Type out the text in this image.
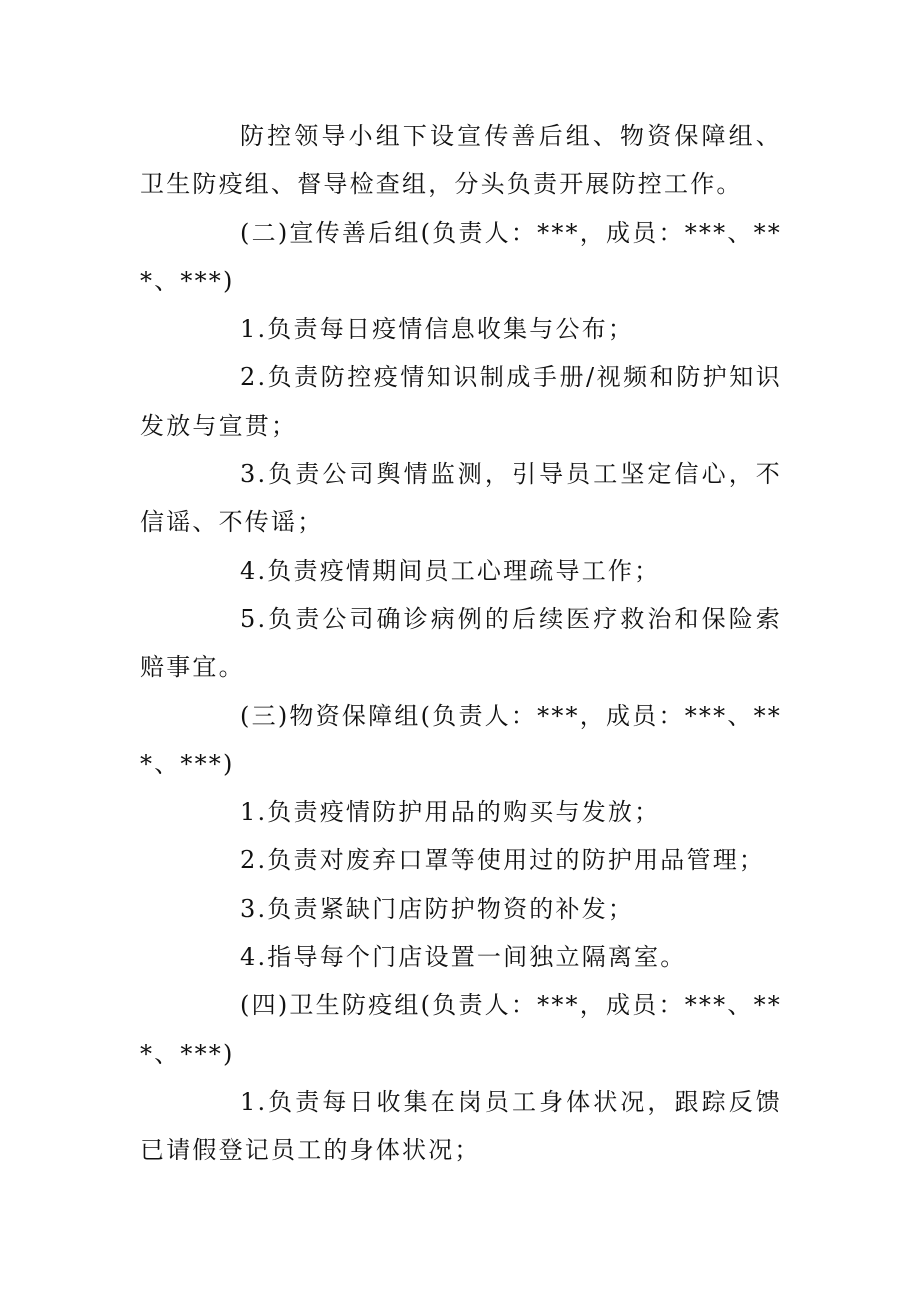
防控领导小组下设宣传善后组、物资保障组、卫生防疫组、督导检查组，分头负责开展防控工作。

(二)宣传善后组(负责人：***，成员：***、***、***)

1.负责每日疫情信息收集与公布；

2.负责防控疫情知识制成手册/视频和防护知识发放与宣贯；

3.负责公司舆情监测，引导员工坚定信心，不信谣、不传谣；

4.负责疫情期间员工心理疏导工作；

5.负责公司确诊病例的后续医疗救治和保险索赔事宜。

(三)物资保障组(负责人：***，成员：***、***、***)

1.负责疫情防护用品的购买与发放；

2.负责对废弃口罩等使用过的防护用品管理；

3.负责紧缺门店防护物资的补发；

4.指导每个门店设置一间独立隔离室。

(四)卫生防疫组(负责人：***，成员：***、***、***)

1.负责每日收集在岗员工身体状况，跟踪反馈已请假登记员工的身体状况；
